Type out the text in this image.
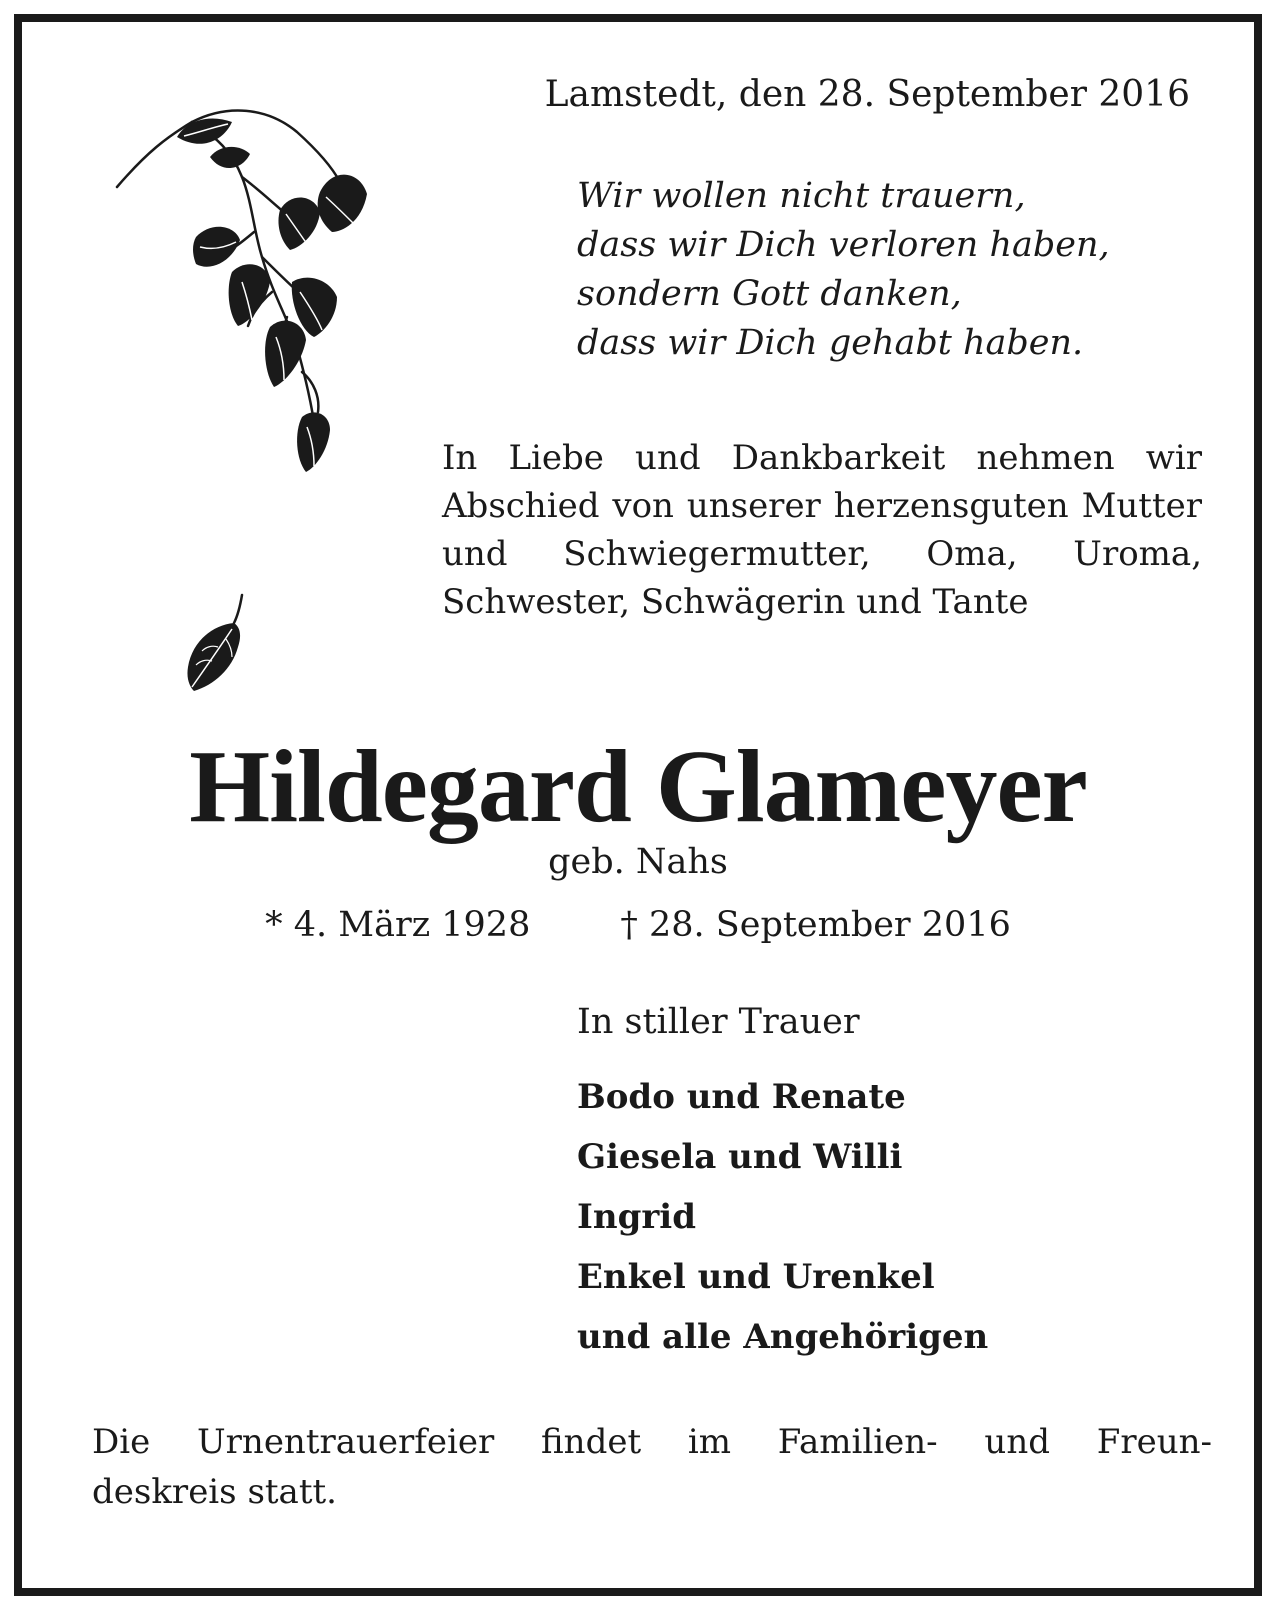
Lamstedt, den 28. September 2016
Wir wollen nicht trauern,
dass wir Dich verloren haben,
sondern Gott danken,
dass wir Dich gehabt haben.
In Liebe und Dankbarkeit nehmen wir Abschied von unserer herzensguten Mutter und Schwiegermutter, Oma, Uroma, Schwester, Schwägerin und Tante
Hildegard Glameyer
geb. Nahs
* 4. März 1928	† 28. September 2016
In stiller Trauer
Bodo und Renate
Giesela und Willi
Ingrid
Enkel und Urenkel
und alle Angehörigen
Die Urnentrauerfeier findet im Familien- und Freun-
deskreis statt.
